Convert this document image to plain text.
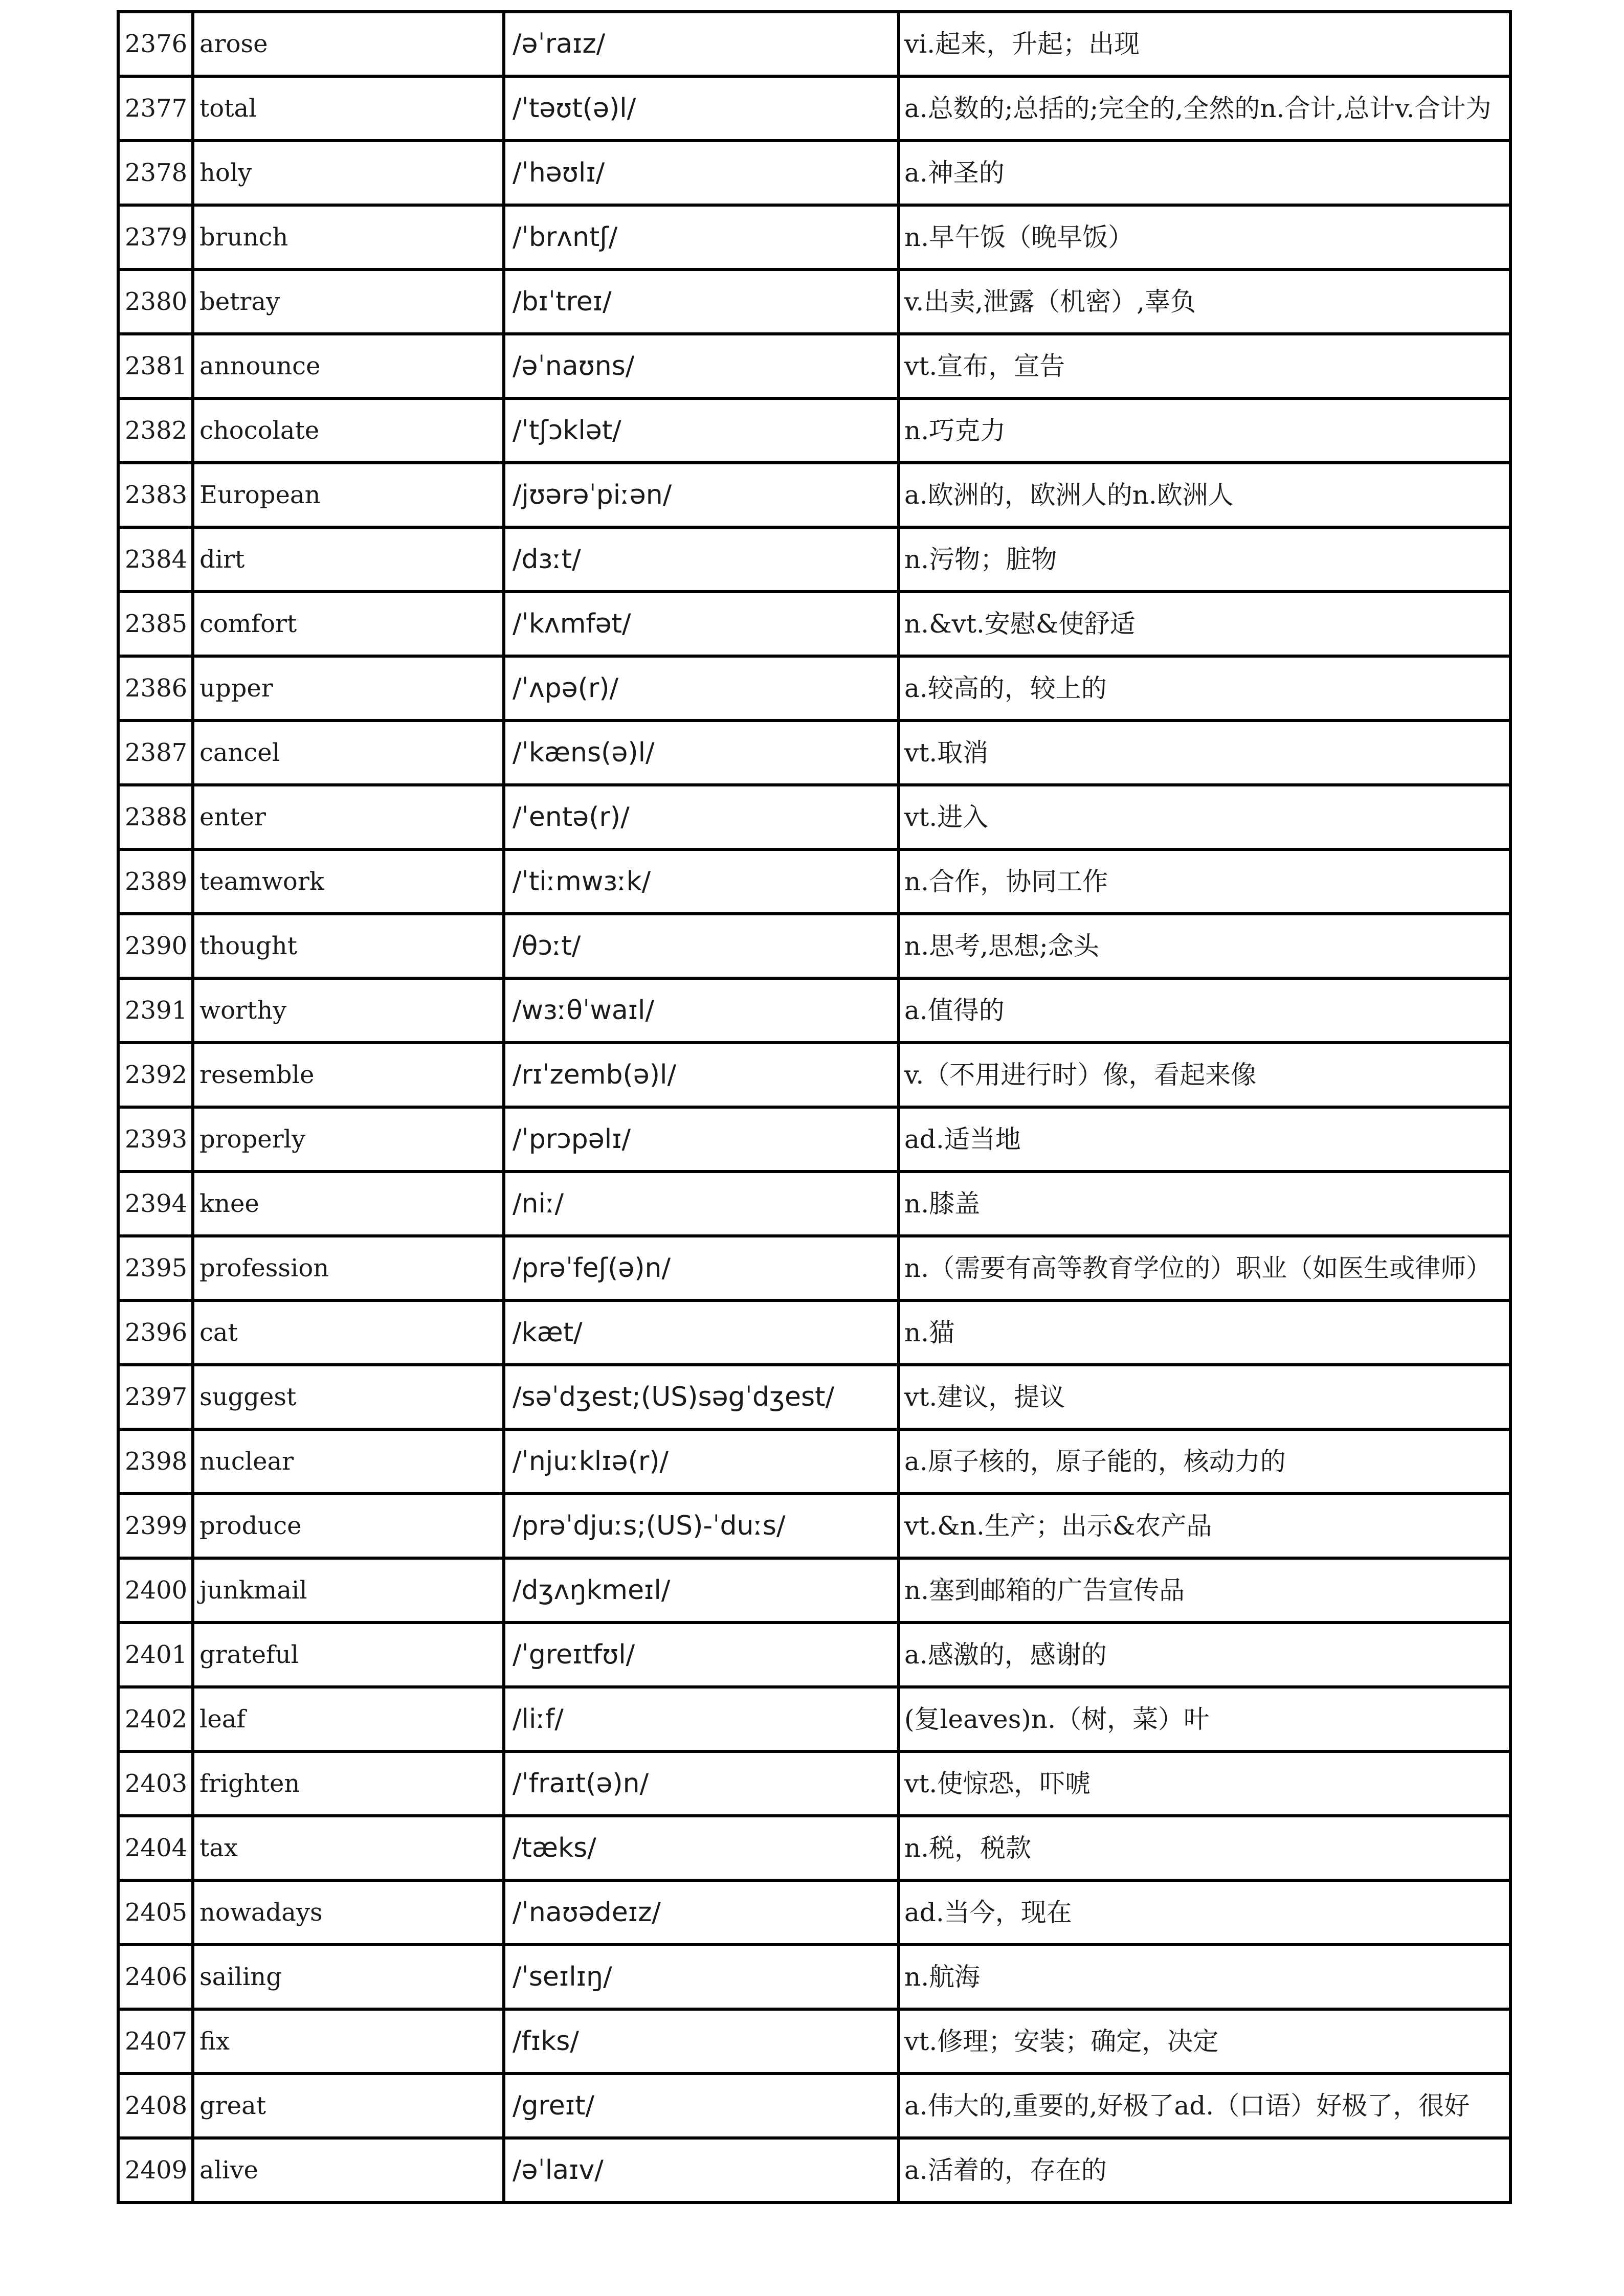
2376	arose	/əˈraɪz/	vi.起来，升起；出现
2377	total	/ˈtəʊt(ə)l/	a.总数的;总括的;完全的,全然的n.合计,总计v.合计为
2378	holy	/ˈhəʊlɪ/	a.神圣的
2379	brunch	/ˈbrʌntʃ/	n.早午饭（晚早饭）
2380	betray	/bɪˈtreɪ/	v.出卖,泄露（机密）,辜负
2381	announce	/əˈnaʊns/	vt.宣布，宣告
2382	chocolate	/ˈtʃɔklət/	n.巧克力
2383	European	/jʊərəˈpiːən/	a.欧洲的，欧洲人的n.欧洲人
2384	dirt	/dɜːt/	n.污物；脏物
2385	comfort	/ˈkʌmfət/	n.&vt.安慰&使舒适
2386	upper	/ˈʌpə(r)/	a.较高的，较上的
2387	cancel	/ˈkæns(ə)l/	vt.取消
2388	enter	/ˈentə(r)/	vt.进入
2389	teamwork	/ˈtiːmwɜːk/	n.合作，协同工作
2390	thought	/θɔːt/	n.思考,思想;念头
2391	worthy	/wɜːθˈwaɪl/	a.值得的
2392	resemble	/rɪˈzemb(ə)l/	v.（不用进行时）像，看起来像
2393	properly	/ˈprɔpəlɪ/	ad.适当地
2394	knee	/niː/	n.膝盖
2395	profession	/prəˈfeʃ(ə)n/	n.（需要有高等教育学位的）职业（如医生或律师）
2396	cat	/kæt/	n.猫
2397	suggest	/səˈdʒest;(US)səgˈdʒest/	vt.建议，提议
2398	nuclear	/ˈnjuːklɪə(r)/	a.原子核的，原子能的，核动力的
2399	produce	/prəˈdjuːs;(US)-ˈduːs/	vt.&n.生产；出示&农产品
2400	junkmail	/dʒʌŋkmeɪl/	n.塞到邮箱的广告宣传品
2401	grateful	/ˈgreɪtfʊl/	a.感激的，感谢的
2402	leaf	/liːf/	(复leaves)n.（树，菜）叶
2403	frighten	/ˈfraɪt(ə)n/	vt.使惊恐，吓唬
2404	tax	/tæks/	n.税，税款
2405	nowadays	/ˈnaʊədeɪz/	ad.当今，现在
2406	sailing	/ˈseɪlɪŋ/	n.航海
2407	fix	/fɪks/	vt.修理；安装；确定，决定
2408	great	/greɪt/	a.伟大的,重要的,好极了ad.（口语）好极了，很好
2409	alive	/əˈlaɪv/	a.活着的，存在的
